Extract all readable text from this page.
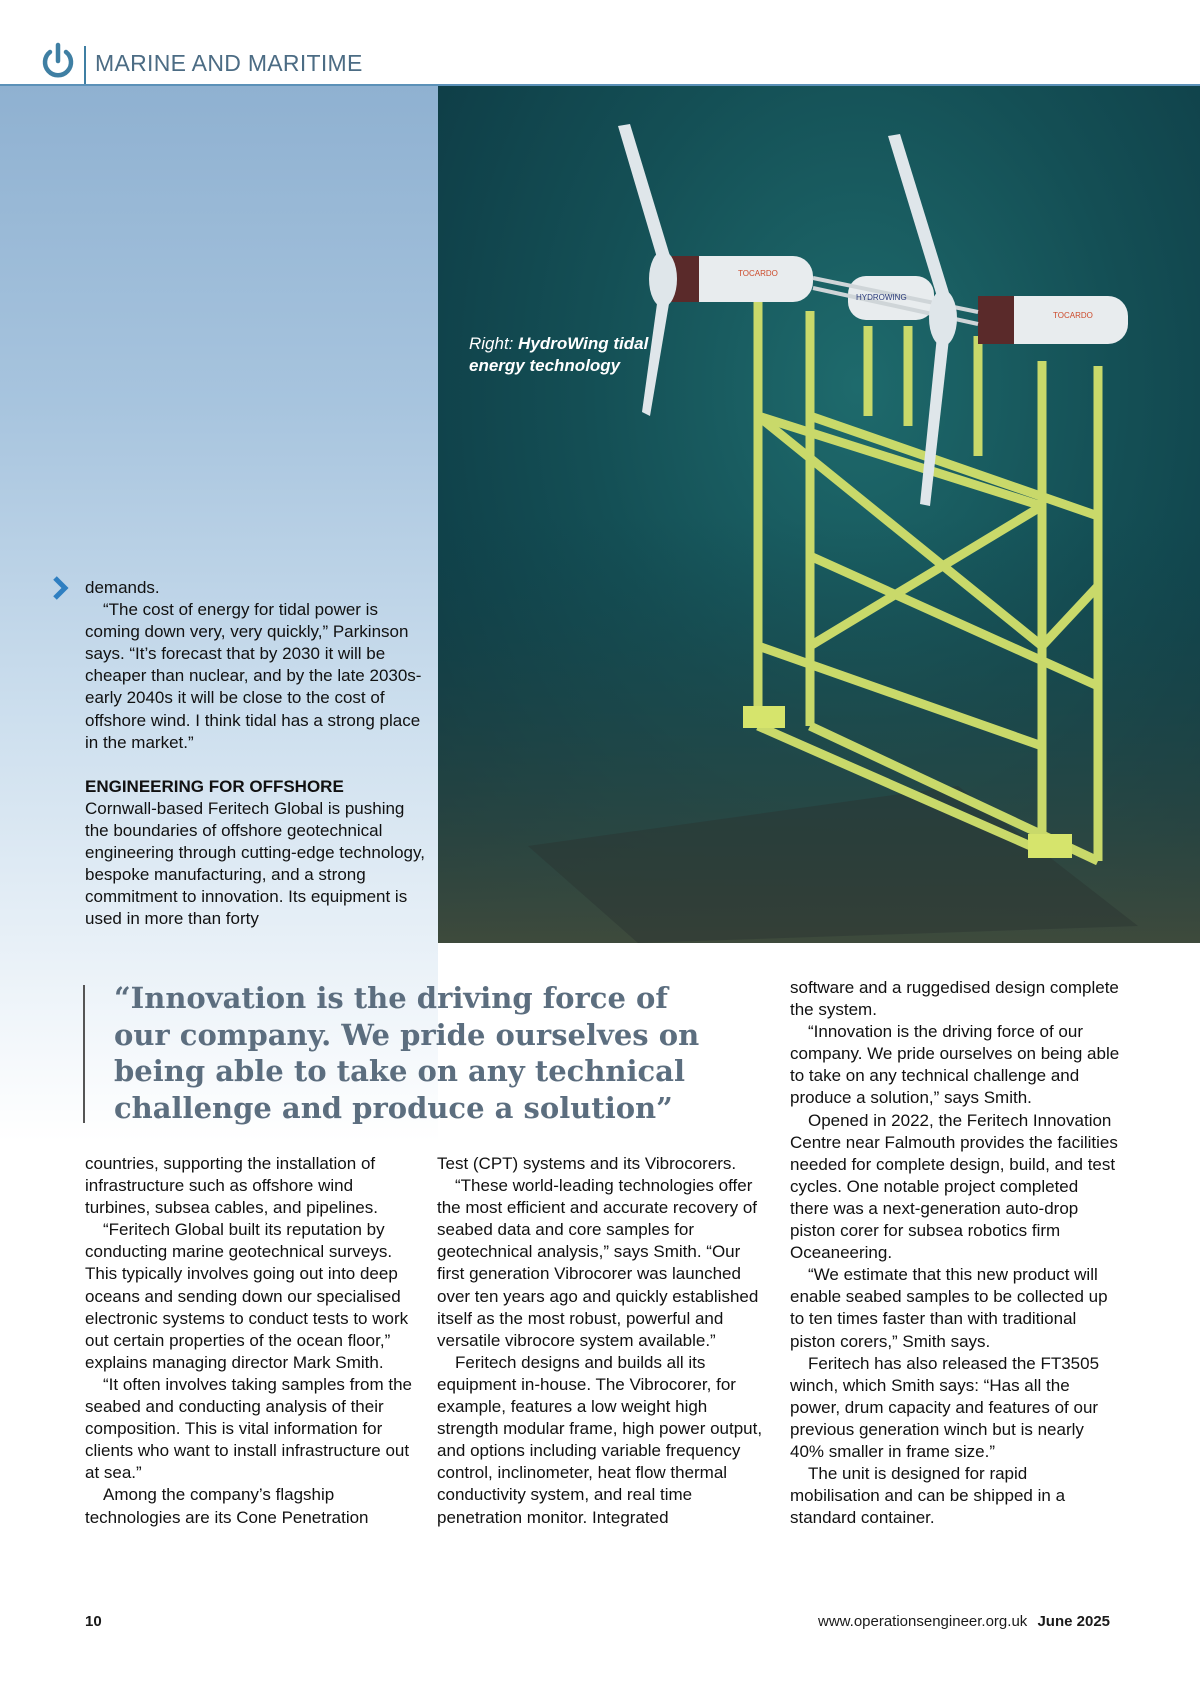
MARINE AND MARITIME
TOCARDO
HYDROWING
TOCARDO
Right: HydroWing tidal energy technology

demands.

“The cost of energy for tidal power is coming down very, very quickly,” Parkinson says. “It’s forecast that by 2030 it will be cheaper than nuclear, and by the late 2030s- early 2040s it will be close to the cost of offshore wind. I think tidal has a strong place in the market.”

ENGINEERING FOR OFFSHORE

Cornwall-based Feritech Global is pushing the boundaries of offshore geotechnical engineering through cutting-edge technology, bespoke manufacturing, and a strong commitment to innovation. Its equipment is used in more than forty

“Innovation is the driving force of our company. We pride ourselves on being able to take on any technical challenge and produce a solution”

countries, supporting the installation of infrastructure such as offshore wind turbines, subsea cables, and pipelines.

“Feritech Global built its reputation by conducting marine geotechnical surveys. This typically involves going out into deep oceans and sending down our specialised electronic systems to conduct tests to work out certain properties of the ocean floor,” explains managing director Mark Smith.

“It often involves taking samples from the seabed and conducting analysis of their composition. This is vital information for clients who want to install infrastructure out at sea.”

Among the company’s flagship technologies are its Cone Penetration

Test (CPT) systems and its Vibrocorers.

“These world-leading technologies offer the most efficient and accurate recovery of seabed data and core samples for geotechnical analysis,” says Smith. “Our first generation Vibrocorer was launched over ten years ago and quickly established itself as the most robust, powerful and versatile vibrocore system available.”

Feritech designs and builds all its equipment in-house. The Vibrocorer, for example, features a low weight high strength modular frame, high power output, and options including variable frequency control, inclinometer, heat flow thermal conductivity system, and real time penetration monitor. Integrated

software and a ruggedised design complete the system.

“Innovation is the driving force of our company. We pride ourselves on being able to take on any technical challenge and produce a solution,” says Smith.

Opened in 2022, the Feritech Innovation Centre near Falmouth provides the facilities needed for complete design, build, and test cycles. One notable project completed there was a next-generation auto-drop piston corer for subsea robotics firm Oceaneering.

“We estimate that this new product will enable seabed samples to be collected up to ten times faster than with traditional piston corers,” Smith says.

Feritech has also released the FT3505 winch, which Smith says: “Has all the power, drum capacity and features of our previous generation winch but is nearly 40% smaller in frame size.”

The unit is designed for rapid mobilisation and can be shipped in a standard container.

10	www.operationsengineer.org.uk June 2025
